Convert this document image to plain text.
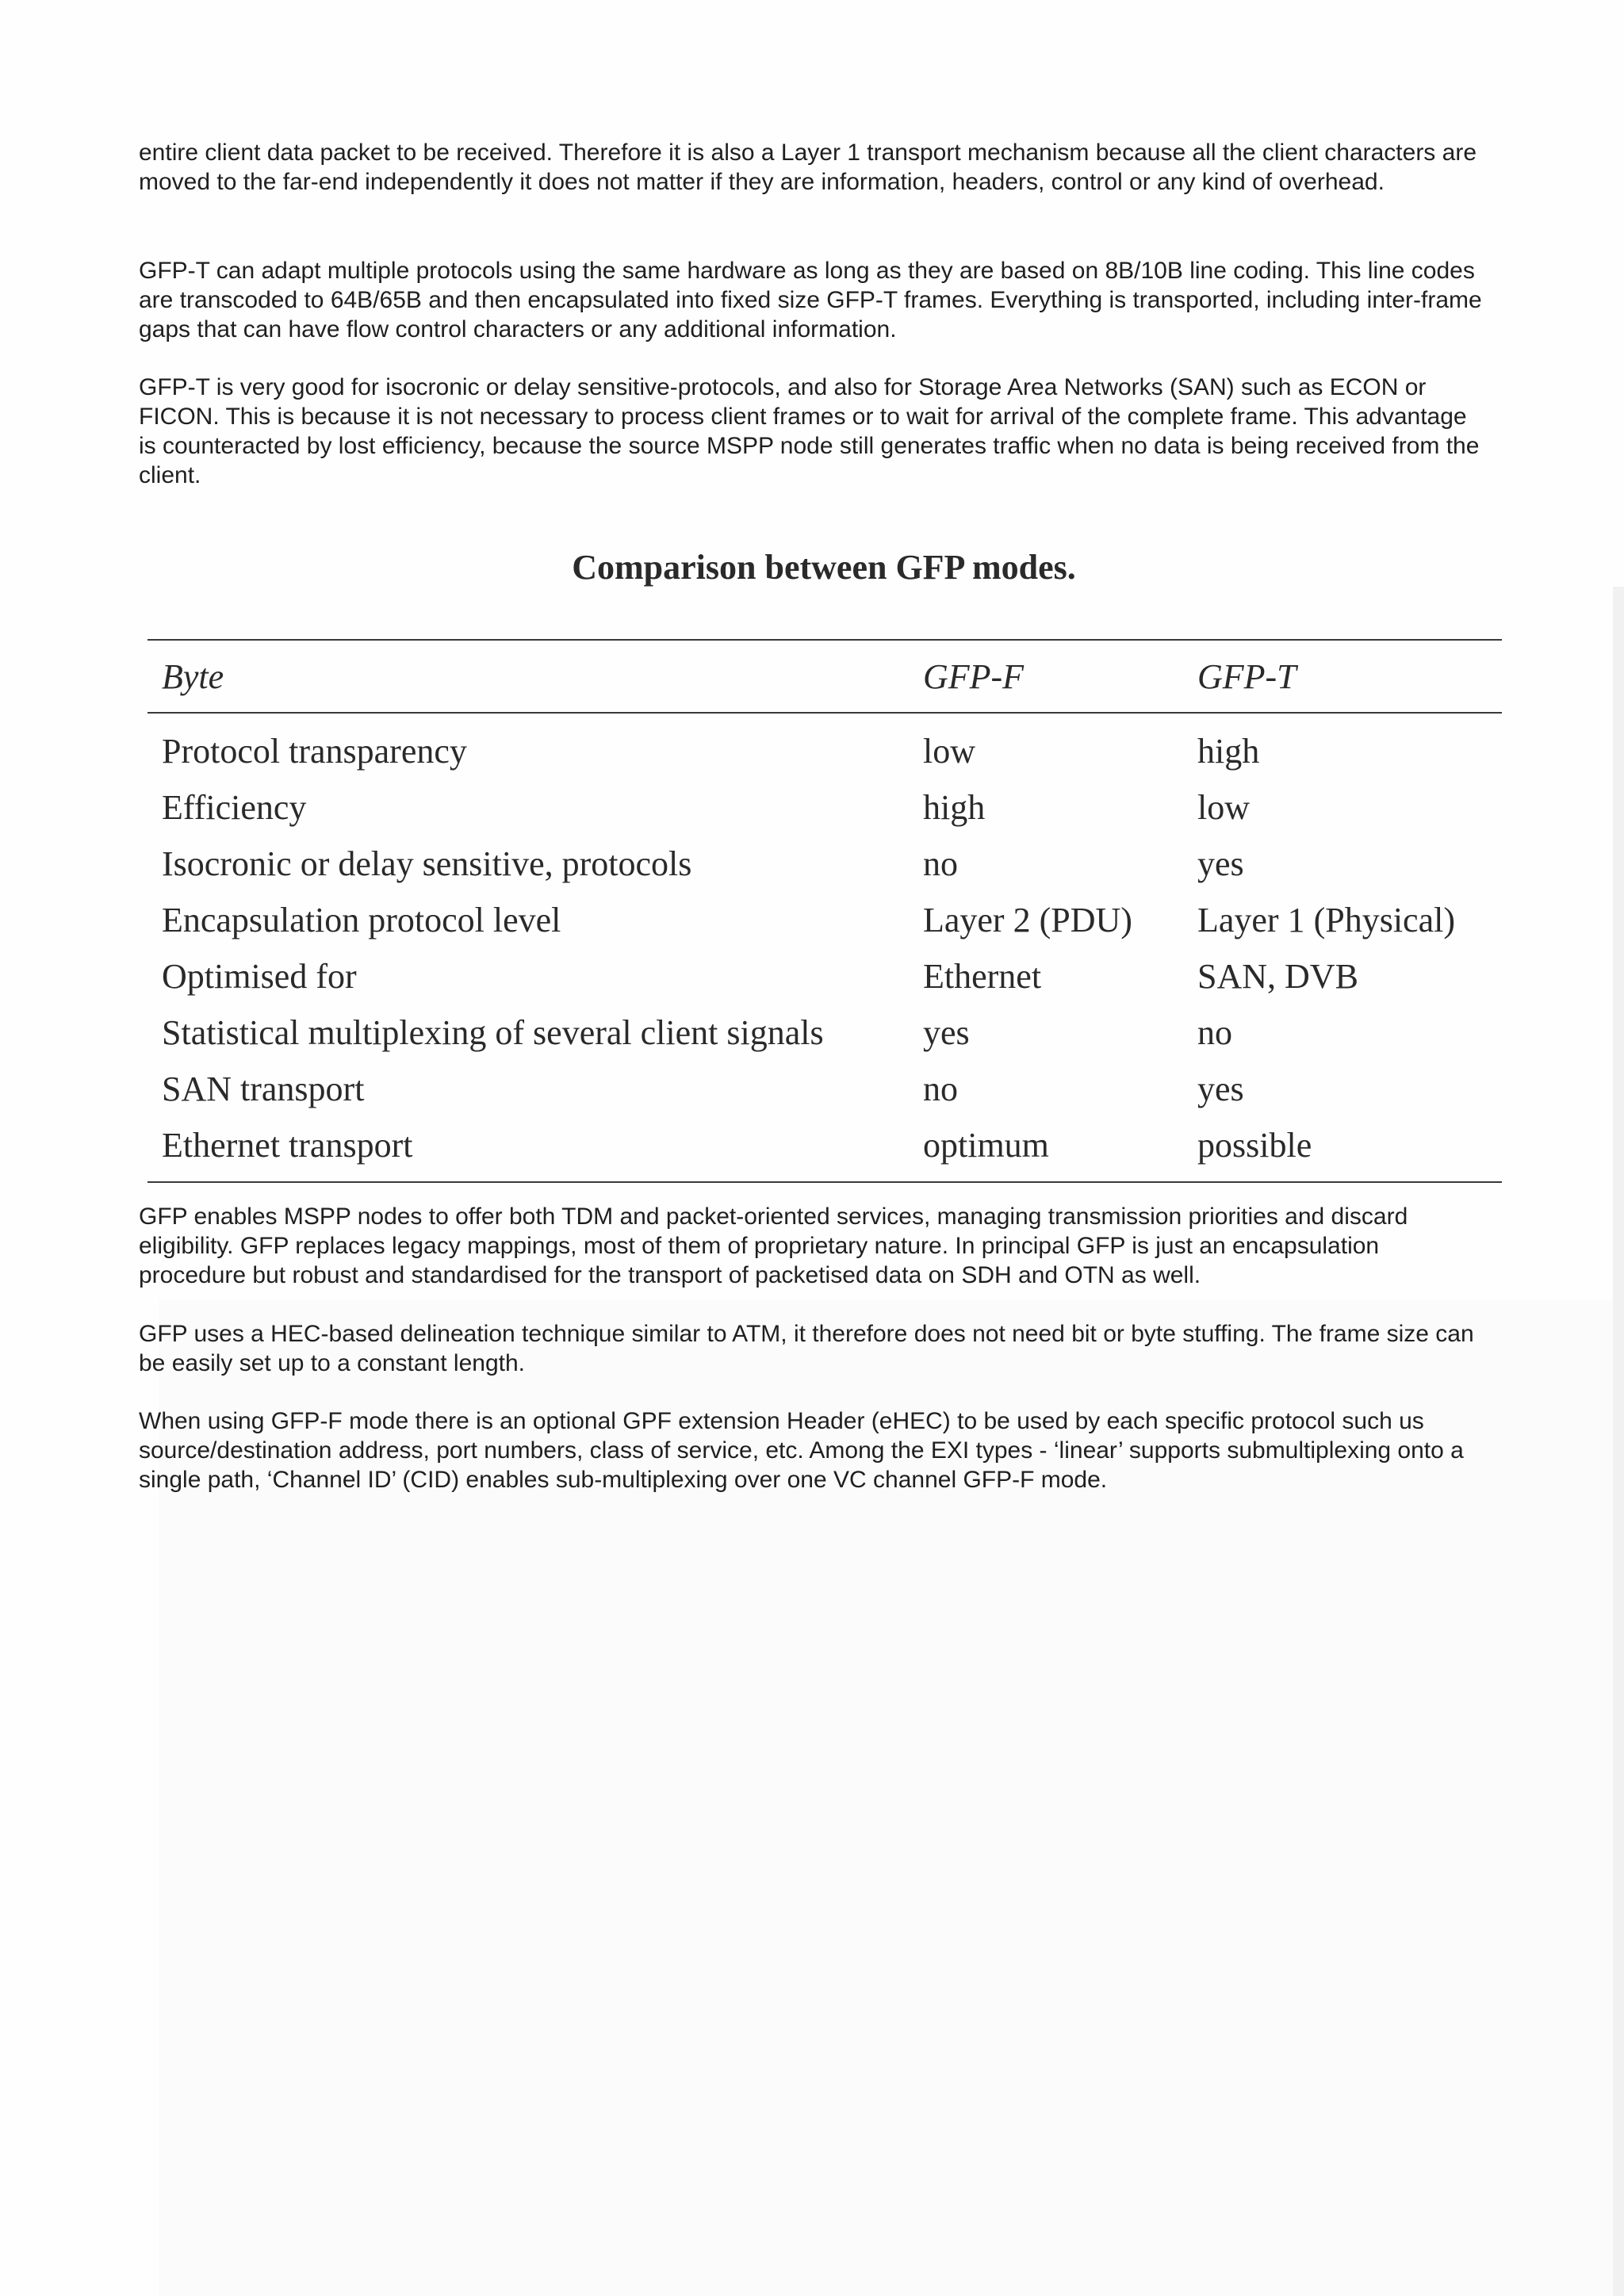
entire client data packet to be received. Therefore it is also a Layer 1 transport mechanism because all the client characters are moved to the far-end independently it does not matter if they are information, headers, control or any kind of overhead.

GFP-T can adapt multiple protocols using the same hardware as long as they are based on 8B/10B line coding. This line codes are transcoded to 64B/65B and then encapsulated into fixed size GFP-T frames. Everything is transported, including inter-frame gaps that can have flow control characters or any additional information.

GFP-T is very good for isocronic or delay sensitive-protocols, and also for Storage Area Networks (SAN) such as ECON or FICON. This is because it is not necessary to process client frames or to wait for arrival of the complete frame. This advantage is counteracted by lost efficiency, because the source MSPP node still generates traffic when no data is being received from the client.

Comparison between GFP modes.
Byte	GFP-F	GFP-T
Protocol transparency	low	high
Efficiency	high	low
Isocronic or delay sensitive, protocols	no	yes
Encapsulation protocol level	Layer 2 (PDU)	Layer 1 (Physical)
Optimised for	Ethernet	SAN, DVB
Statistical multiplexing of several client signals	yes	no
SAN transport	no	yes
Ethernet transport	optimum	possible

GFP enables MSPP nodes to offer both TDM and packet-oriented services, managing transmission priorities and discard eligibility. GFP replaces legacy mappings, most of them of proprietary nature. In principal GFP is just an encapsulation procedure but robust and standardised for the transport of packetised data on SDH and OTN as well.

GFP uses a HEC-based delineation technique similar to ATM, it therefore does not need bit or byte stuffing. The frame size can be easily set up to a constant length.

When using GFP-F mode there is an optional GPF extension Header (eHEC) to be used by each specific protocol such us source/destination address, port numbers, class of service, etc. Among the EXI types - ‘linear’ supports submultiplexing onto a single path, ‘Channel ID’ (CID) enables sub-multiplexing over one VC channel GFP-F mode.
